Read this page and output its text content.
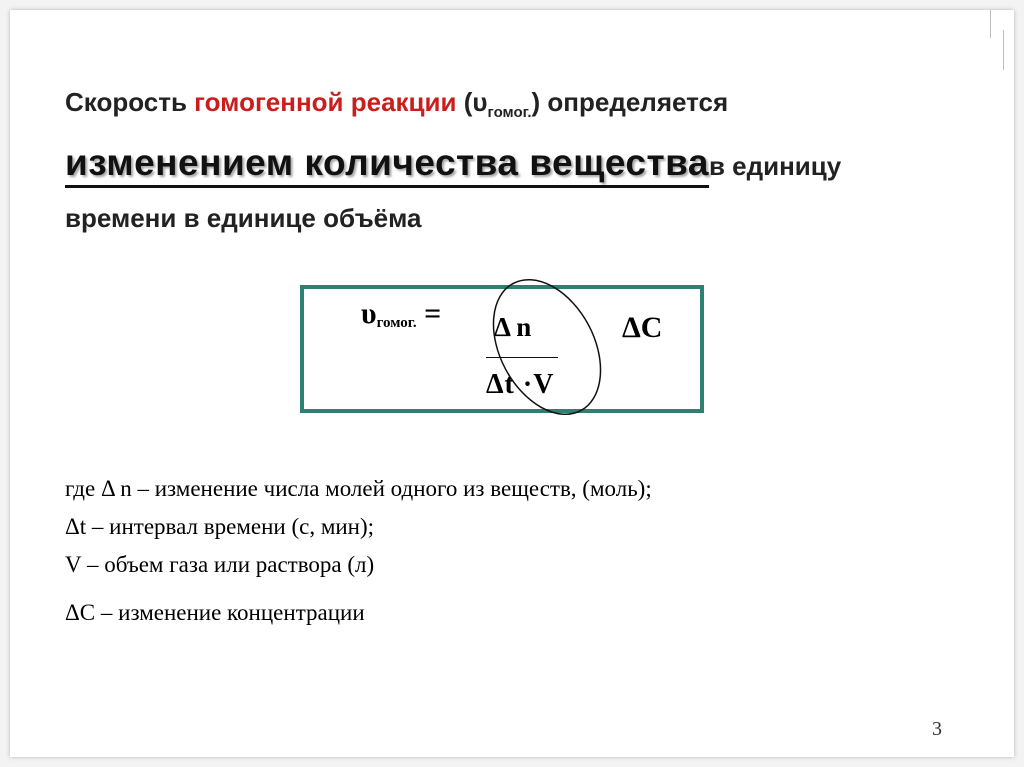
Скорость гомогенной реакции $(\upsilon_{гомог.})$ определяется
изменением количества веществав единицу
времени в единице объёма
$\upsilon_{гомог.} = \Delta$ n
Δt ·V
ΔC
где Δ n – изменение числа молей одного из веществ, (моль);
Δt – интервал времени (с, мин);
V – объем газа или раствора (л)
ΔC – изменение концентрации
3
